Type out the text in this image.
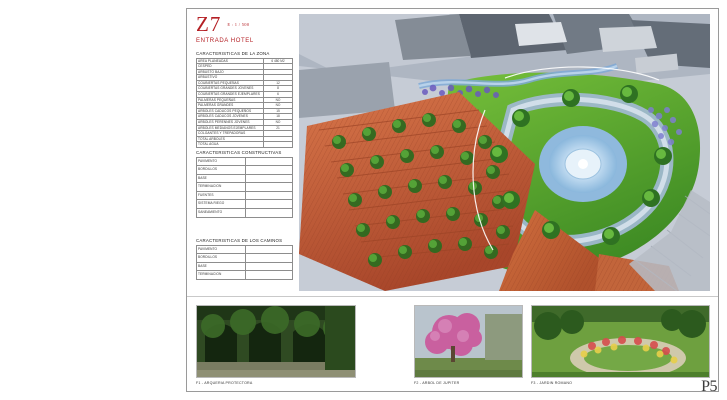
Z7 E : 1 / 500
ENTRADA HOTEL
CARACTERISTICAS DE LA ZONA
AREA PLANEADAS	6 480 M2
CESPED	
ARBUSTO BAJO	
ARBUSTIVO	
COUBIERTAS PEQUEÑAS	12
COUBIERTAS GRANDES JOVENES	8
COUBIERTAS GRANDES EJEMPLARES	6
PALMERAS PEQUEÑAS	NO
PALMERAS GRANDES	NO
ARBOLES CADUCOS PEQUEÑOS	15
ARBOLES CADUCOS JOVENES	18
ARBOLES PERENNES JOVENES	NO
ARBOLES MEDIANOS EJEMPLARES	21
COLGANTES Y TREPADORAS	
TOTAL ARBOLES	
TOTAL AGUA	
CARACTERISTICAS CONSTRUCTIVAS
PAVIMENTO	
BORDILLOS	
BASE	
TERMINACION	
FUENTES	
SISTEMA RIEGO	
SANEAMIENTO	
CARACTERISTICAS DE LOS CAMINOS
PAVIMENTO	
BORDILLOS	
BASE	
TERMINACION	
F1 - ARQUERIA PROTECTORA	F2 - ARBOL DE JUPITER	F3 - JARDIN ROMANO	P5
